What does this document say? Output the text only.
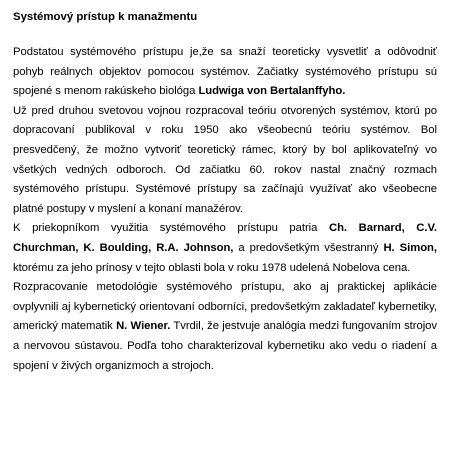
Systémový prístup k manažmentu

Podstatou systémového prístupu je,že sa snaží teoreticky vysvetliť a odôvodniť pohyb reálnych objektov pomocou systémov. Začiatky systémového prístupu sú spojené s menom rakúskeho biológa Ludwiga von Bertalanffyho.

Už pred druhou svetovou vojnou rozpracoval teóriu otvorených systémov, ktorú po dopracovaní publikoval v roku 1950 ako všeobecnú teóriu systémov. Bol presvedčený, že možno vytvoriť teoretický rámec, ktorý by bol aplikovateľný vo všetkých vedných odboroch. Od začiatku 60. rokov nastal značný rozmach systémového prístupu. Systémové prístupy sa začínajú využívať ako všeobecne platné postupy v myslení a konaní manažérov.

K priekopníkom využitia systémového prístupu patria Ch. Barnard, C.V. Churchman, K. Boulding, R.A. Johnson, a predovšetkým všestranný H. Simon, ktorému za jeho prínosy v tejto oblasti bola v roku 1978 udelená Nobelova cena.

Rozpracovanie metodológie systémového prístupu, ako aj praktickej aplikácie ovplyvnili aj kybernetický orientovaní odborníci, predovšetkým zakladateľ kybernetiky, americký matematik N. Wiener. Tvrdil, že jestvuje analógia medzi fungovaním strojov a nervovou sústavou. Podľa toho charakterizoval kybernetiku ako vedu o riadení a spojení v živých organizmoch a strojoch.
